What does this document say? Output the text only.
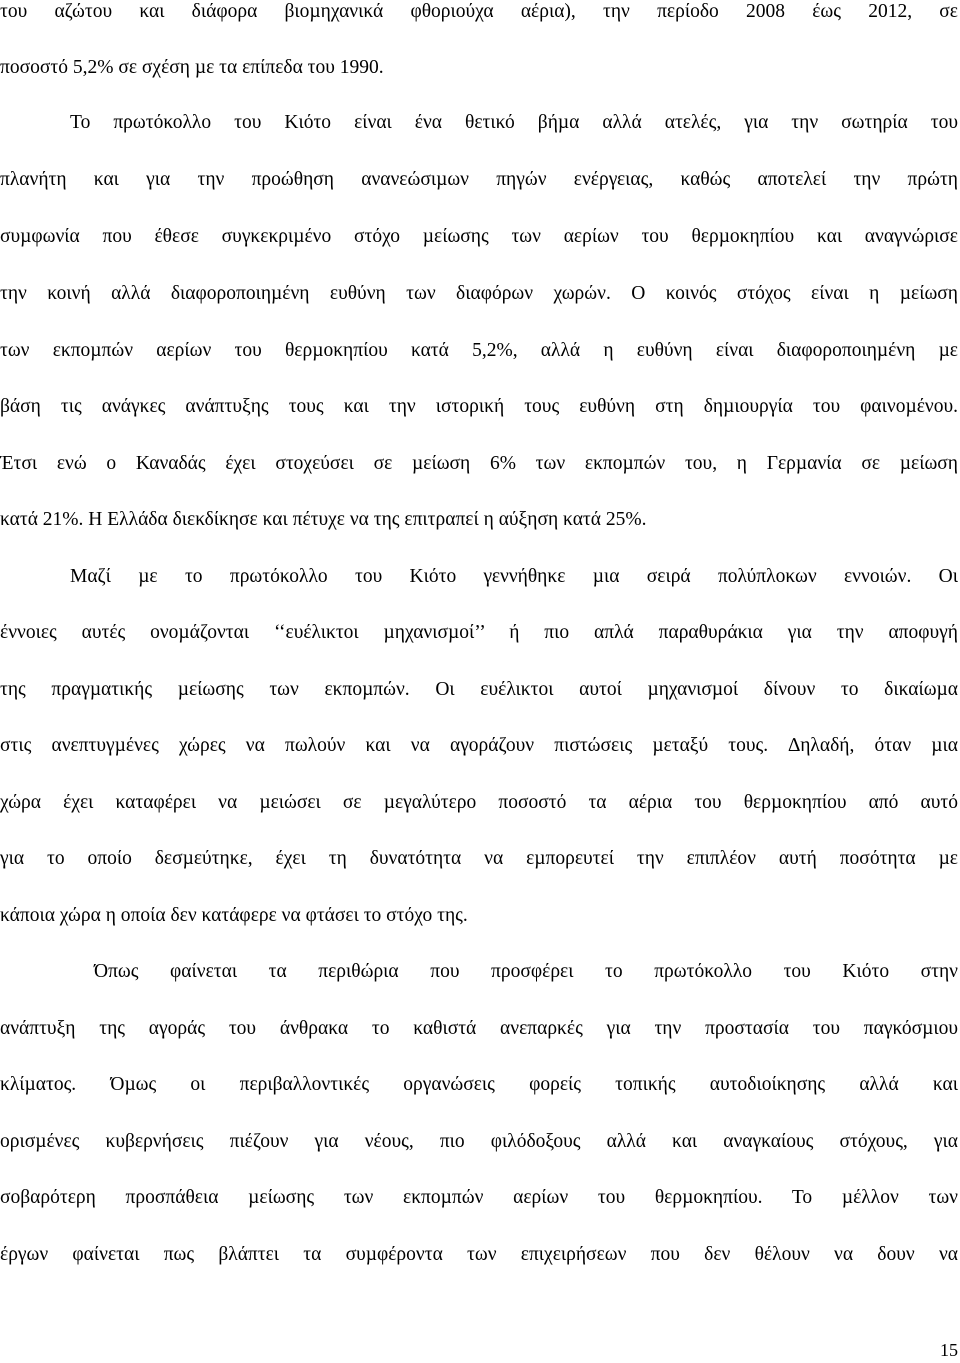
του αζώτου και διάφορα βιοµηχανικά φθοριούχα αέρια), την περίοδο 2008 έως 2012, σε
ποσοστό 5,2% σε σχέση µε τα επίπεδα του 1990.
Το πρωτόκολλο του Κιότο είναι ένα θετικό βήµα αλλά ατελές, για την σωτηρία του
πλανήτη και για την προώθηση ανανεώσιµων πηγών ενέργειας, καθώς αποτελεί την πρώτη
συµφωνία που έθεσε συγκεκριµένο στόχο µείωσης των αερίων του θερµοκηπίου και αναγνώρισε
την κοινή αλλά διαφοροποιηµένη ευθύνη των διαφόρων χωρών. Ο κοινός στόχος είναι η µείωση
των εκποµπών αερίων του θερµοκηπίου κατά 5,2%, αλλά η ευθύνη είναι διαφοροποιηµένη µε
βάση τις ανάγκες ανάπτυξης τους και την ιστορική τους ευθύνη στη δηµιουργία του φαινοµένου.
Έτσι ενώ ο Καναδάς έχει στοχεύσει σε µείωση 6% των εκποµπών του, η Γερµανία σε µείωση
κατά 21%. Η Ελλάδα διεκδίκησε και πέτυχε να της επιτραπεί η αύξηση κατά 25%.
Μαζί µε το πρωτόκολλο του Κιότο γεννήθηκε µια σειρά πολύπλοκων εννοιών. Οι
έννοιες αυτές ονοµάζονται ‘‘ευέλικτοι µηχανισµοί’’ ή πιο απλά παραθυράκια για την αποφυγή
της πραγµατικής µείωσης των εκποµπών. Οι ευέλικτοι αυτοί µηχανισµοί δίνουν το δικαίωµα
στις ανεπτυγµένες χώρες να πωλούν και να αγοράζουν πιστώσεις µεταξύ τους. ∆ηλαδή, όταν µια
χώρα έχει καταφέρει να µειώσει σε µεγαλύτερο ποσοστό τα αέρια του θερµοκηπίου από αυτό
για το οποίο δεσµεύτηκε, έχει τη δυνατότητα να εµπορευτεί την επιπλέον αυτή ποσότητα µε
κάποια χώρα η οποία δεν κατάφερε να φτάσει το στόχο της.
Όπως φαίνεται τα περιθώρια που προσφέρει το πρωτόκολλο του Κιότο στην
ανάπτυξη της αγοράς του άνθρακα το καθιστά ανεπαρκές για την προστασία του παγκόσµιου
κλίµατος. Όµως οι περιβαλλοντικές οργανώσεις φορείς τοπικής αυτοδιοίκησης αλλά και
ορισµένες κυβερνήσεις πιέζουν για νέους, πιο φιλόδοξους αλλά και αναγκαίους στόχους, για
σοβαρότερη προσπάθεια µείωσης των εκποµπών αερίων του θερµοκηπίου. Το µέλλον των
έργων φαίνεται πως βλάπτει τα συµφέροντα των επιχειρήσεων που δεν θέλουν να δουν να
15
